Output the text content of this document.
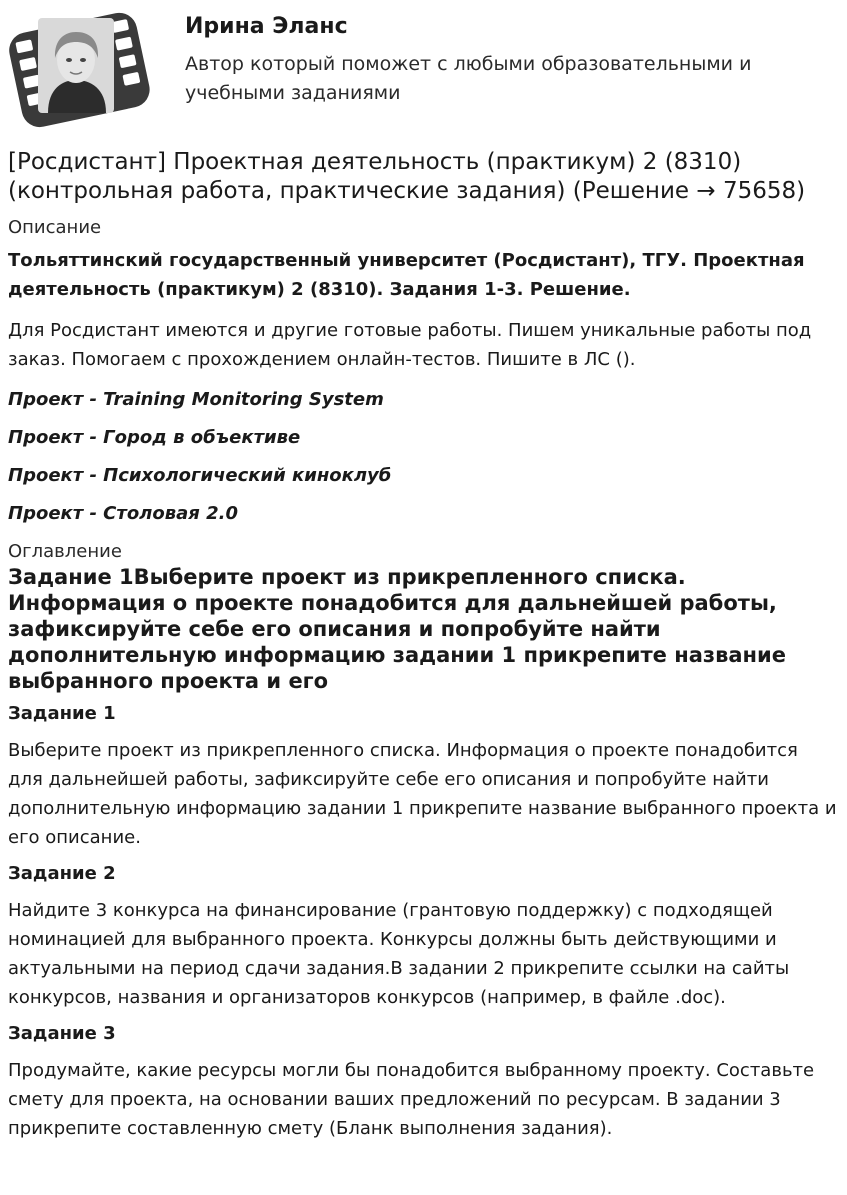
Ирина Эланс

Автор который поможет с любыми образовательными и учебными заданиями

[Росдистант] Проектная деятельность (практикум) 2 (8310) (контрольная работа, практические задания) (Решение → 75658)
Описание

Тольяттинский государственный университет (Росдистант), ТГУ. Проектная деятельность (практикум) 2 (8310). Задания 1-3. Решение.

Для Росдистант имеются и другие готовые работы. Пишем уникальные работы под заказ. Помогаем с прохождением онлайн-тестов. Пишите в ЛС ().

Проект - Training Monitoring System
Проект - Город в объективе
Проект - Психологический киноклуб
Проект - Столовая 2.0
Оглавление
Задание 1Выберите проект из прикрепленного списка. Информация о проекте понадобится для дальнейшей работы, зафиксируйте себе его описания и попробуйте найти дополнительную информацию задании 1 прикрепите название выбранного проекта и его
Задание 1

Выберите проект из прикрепленного списка. Информация о проекте понадобится для дальнейшей работы, зафиксируйте себе его описания и попробуйте найти дополнительную информацию задании 1 прикрепите название выбранного проекта и его описание.

Задание 2

Найдите 3 конкурса на финансирование (грантовую поддержку) с подходящей номинацией для выбранного проекта. Конкурсы должны быть действующими и актуальными на период сдачи задания.В задании 2 прикрепите ссылки на сайты конкурсов, названия и организаторов конкурсов (например, в файле .doc).

Задание 3

Продумайте, какие ресурсы могли бы понадобится выбранному проекту. Составьте смету для проекта, на основании ваших предложений по ресурсам. В задании 3 прикрепите составленную смету (Бланк выполнения задания).
